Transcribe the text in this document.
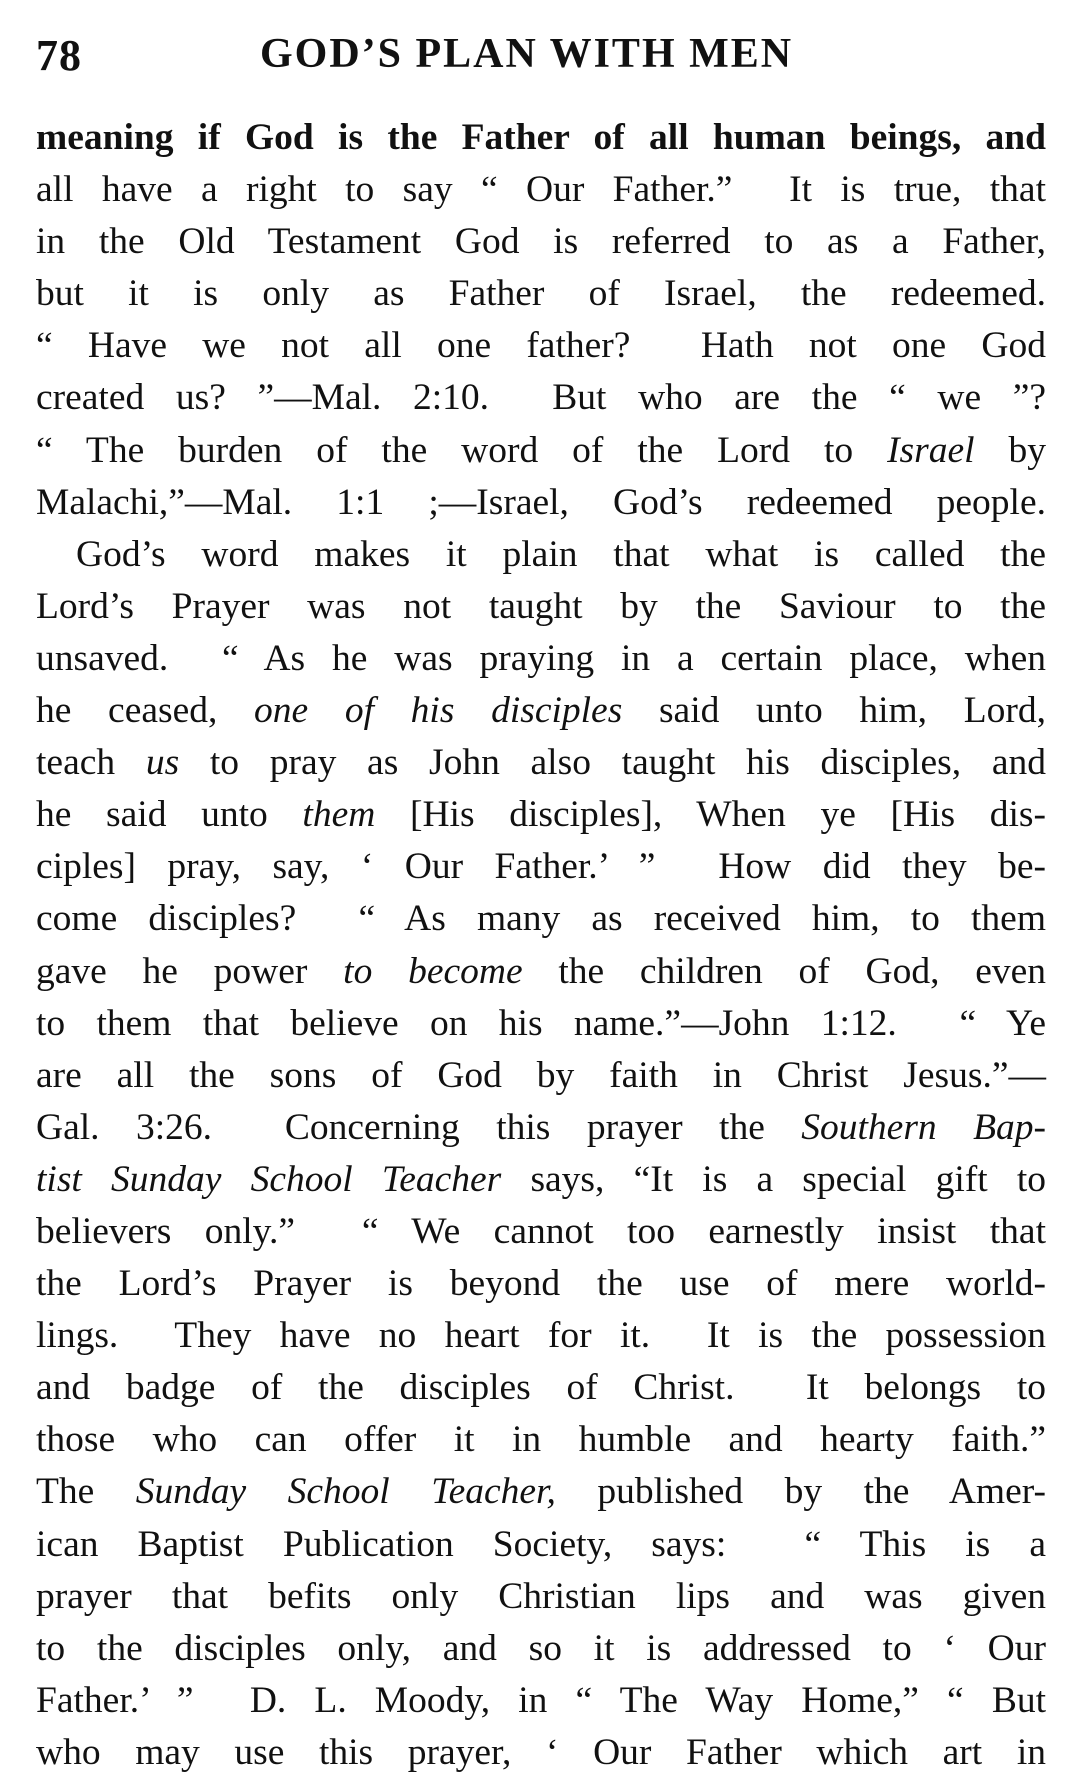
78	GOD’S PLAN WITH MEN
meaning if God is the Father of all human beings, and
all have a right to say “ Our Father.”  It is true, that
in the Old Testament God is referred to as a Father,
but it is only as Father of Israel, the redeemed.
“ Have we not all one father?  Hath not one God
created us? ”—Mal. 2:10.  But who are the “ we ”?
“ The burden of the word of the Lord to Israel by
Malachi,”—Mal. 1:1 ;—Israel, God’s redeemed people.
God’s word makes it plain that what is called the
Lord’s Prayer was not taught by the Saviour to the
unsaved.  “ As he was praying in a certain place, when
he ceased, one of his disciples said unto him, Lord,
teach us to pray as John also taught his disciples, and
he said unto them [His disciples], When ye [His dis-
ciples] pray, say, ‘ Our Father.’ ”  How did they be-
come disciples?  “ As many as received him, to them
gave he power to become the children of God, even
to them that believe on his name.”—John 1:12.  “ Ye
are all the sons of God by faith in Christ Jesus.”—
Gal. 3:26.  Concerning this prayer the Southern Bap-
tist Sunday School Teacher says, “It is a special gift to
believers only.”  “ We cannot too earnestly insist that
the Lord’s Prayer is beyond the use of mere world-
lings.  They have no heart for it.  It is the possession
and badge of the disciples of Christ.  It belongs to
those who can offer it in humble and hearty faith.”
The Sunday School Teacher, published by the Amer-
ican Baptist Publication Society, says:  “ This is a
prayer that befits only Christian lips and was given
to the disciples only, and so it is addressed to ‘ Our
Father.’ ”  D. L. Moody, in “ The Way Home,” “ But
who may use this prayer, ‘ Our Father which art in
